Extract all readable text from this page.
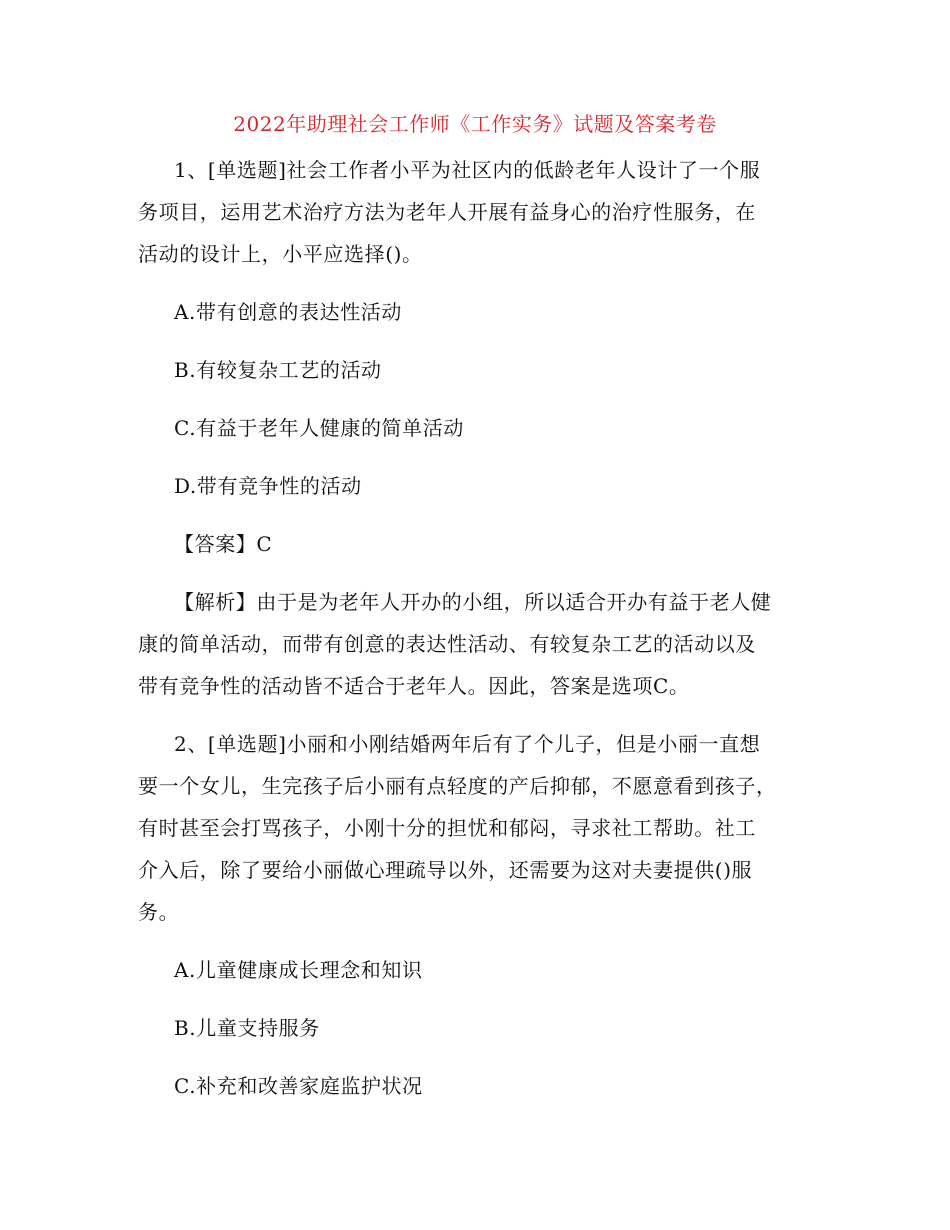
2022年助理社会工作师《工作实务》试题及答案考卷
1、[单选题]社会工作者小平为社区内的低龄老年人设计了一个服
务项目，运用艺术治疗方法为老年人开展有益身心的治疗性服务，在
活动的设计上，小平应选择()。
A.带有创意的表达性活动
B.有较复杂工艺的活动
C.有益于老年人健康的简单活动
D.带有竞争性的活动
【答案】C
【解析】由于是为老年人开办的小组，所以适合开办有益于老人健
康的简单活动，而带有创意的表达性活动、有较复杂工艺的活动以及
带有竞争性的活动皆不适合于老年人。因此，答案是选项C。
2、[单选题]小丽和小刚结婚两年后有了个儿子，但是小丽一直想
要一个女儿，生完孩子后小丽有点轻度的产后抑郁，不愿意看到孩子，
有时甚至会打骂孩子，小刚十分的担忧和郁闷，寻求社工帮助。社工
介入后，除了要给小丽做心理疏导以外，还需要为这对夫妻提供()服
务。
A.儿童健康成长理念和知识
B.儿童支持服务
C.补充和改善家庭监护状况
